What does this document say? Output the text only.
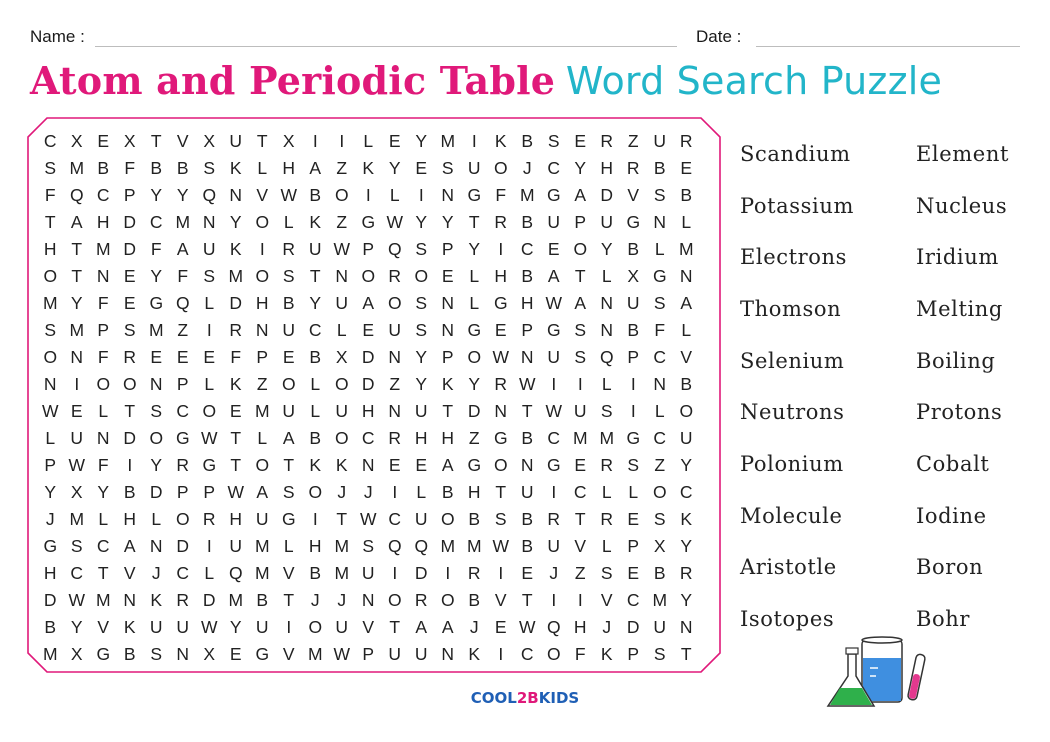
Name :	Date :
Atom and Periodic Table Word Search Puzzle
C X E X T V X U T X	I	I	L E Y M I	K B S E R Z U R
S M B F B B S K L H A Z K Y E S U O J C Y H R B E
F Q C P Y Y Q N V W B O I	L	I	N G F M G A D V S B
T A H D C M N Y O L K Z G W Y Y T R B U P U G N L
H T M D F A U K	I	R U W P Q S P Y	I	C E O Y B L M
O T N E Y F S M O S T N O R O E L H B A T L X G N
M Y F E G Q L D H B Y U A O S N L G H W A N U S A
S M P S M Z	I	R N U C L E U S N G E P G S N B F L
O N F R E E E F P E B X D N Y P O W N U S Q P C V
N	I O O N P L K Z O L O D Z Y K Y R W I	I	L	I	N B
W E L T S C O E M U L U H N U T D N T W U S	I	L O
L U N D O G W T L A B O C R H H Z G B C M M G C U
P W F	I	Y R G T O T K K N E E A G O N G E R S Z Y
Y X Y B D P P W A S O J	J	I	L B H T U	I	C L L O C
J M L H L O R H U G I	T W C U O B S B R T R E S K
G S C A N D	I	U M L H M S Q Q M M W B U V L P X Y
H C T V J C L Q M V B M U	I	D	I	R	I	E J Z S E B R
D W M N K R D M B T J	J N O R O B V T	I	I	V C M Y
B Y V K U U W Y U	I O U V T A A J E W Q H J D U N
M X G B S N X E G V M W P U U N K	I	C O F K P S T
Scandium	Element
Potassium	Nucleus
Electrons	Iridium
Thomson	Melting
Selenium	Boiling
Neutrons	Protons
Polonium	Cobalt
Molecule	Iodine
Aristotle	Boron
Isotopes	Bohr
COOL 2B KIDS
